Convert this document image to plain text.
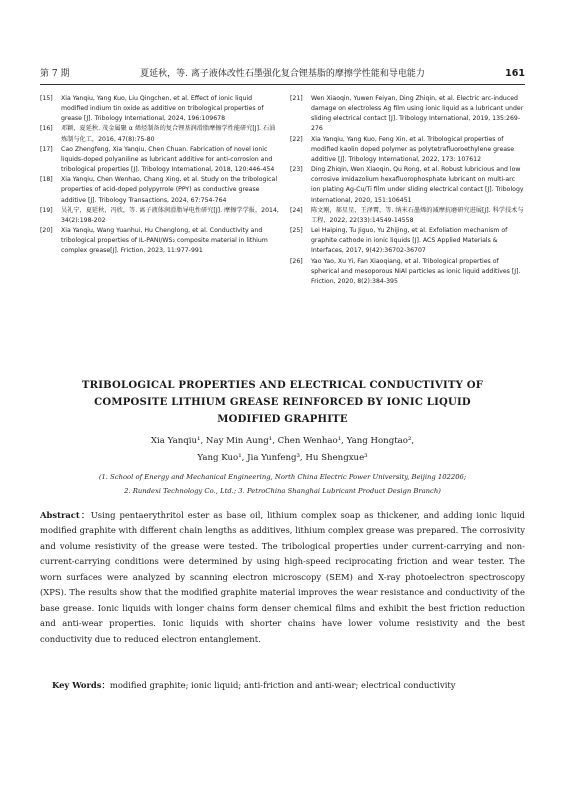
第 7 期	夏延秋，等. 离子液体改性石墨强化复合锂基脂的摩擦学性能和导电能力	161
[15] Xia Yanqiu, Yang Kuo, Liu Qingchen, et al. Effect of ionic liquid modified indium tin oxide as additive on tribological properties of grease [J]. Tribology International, 2024, 196:109678
[16] 邓颖，夏延秋. 茂金属聚 α 烯烃制备的复合锂基润滑脂摩擦学性能研究[J]. 石油炼制与化工，2016, 47(8):75-80
[17] Cao Zhengfeng, Xia Yanqiu, Chen Chuan. Fabrication of novel ionic liquids-doped polyaniline as lubricant additive for anti-corrosion and tribological properties [J]. Tribology International, 2018, 120:446-454
[18] Xia Yanqiu, Chen Wenhao, Chang Xing, et al. Study on the tribological properties of acid-doped polypyrrole (PPY) as conductive grease additive [J]. Tribology Transactions, 2024, 67:754-764
[19] 吴礼宁，夏延秋，冯欣，等. 离子液体润滑脂导电性研究[J]. 摩擦学学报，2014, 34(2):198-202
[20] Xia Yanqiu, Wang Yuanhui, Hu Chenglong, et al. Conductivity and tribological properties of IL-PANI/WS₂ composite material in lithium complex grease[J]. Friction, 2023, 11:977-991
[21] Wen Xiaoqin, Yuwen Feiyan, Ding Zhiqin, et al. Electric arc-induced damage on electroless Ag film using ionic liquid as a lubricant under sliding electrical contact [J]. Tribology International, 2019, 135:269-276
[22] Xia Yanqiu, Yang Kuo, Feng Xin, et al. Tribological properties of modified kaolin doped polymer as polytetrafluoroethylene grease additive [J]. Tribology International, 2022, 173: 107612
[23] Ding Zhiqin, Wen Xiaoqin, Qu Rong, et al. Robust lubricious and low corrosive imidazolium hexafluorophosphate lubricant on multi-arc ion plating Ag-Cu/Ti film under sliding electrical contact [J]. Tribology International, 2020, 151:106451
[24] 陈文刚，郝星星，王泽霄，等. 纳米石墨烯的减摩抗磨研究进展[J]. 科学技术与工程，2022, 22(33):14549-14558
[25] Lei Haiping, Tu Jiguo, Yu Zhijing, et al. Exfoliation mechanism of graphite cathode in ionic liquids [J]. ACS Applied Materials & Interfaces, 2017, 9(42):36702-36707
[26] Yao Yao, Xu Yi, Fan Xiaoqiang, et al. Tribological properties of spherical and mesoporous NiAl particles as ionic liquid additives [J]. Friction, 2020, 8(2):384-395
TRIBOLOGICAL PROPERTIES AND ELECTRICAL CONDUCTIVITY OF
COMPOSITE LITHIUM GREASE REINFORCED BY IONIC LIQUID
MODIFIED GRAPHITE
Xia Yanqiu¹, Nay Min Aung¹, Chen Wenhao¹, Yang Hongtao²,
Yang Kuo¹, Jia Yunfeng³, Hu Shengxue³
(1. School of Energy and Mechanical Engineering, North China Electric Power University, Beijing 102206;
2. Rundexi Technology Co., Ltd.; 3. PetroChina Shanghai Lubricant Product Design Branch)
Abstract：Using pentaerythritol ester as base oil, lithium complex soap as thickener, and adding ionic liquid modified graphite with different chain lengths as additives, lithium complex grease was prepared. The corrosivity and volume resistivity of the grease were tested. The tribological properties under current-carrying and non-current-carrying conditions were determined by using high-speed reciprocating friction and wear tester. The worn surfaces were analyzed by scanning electron microscopy (SEM) and X-ray photoelectron spectroscopy (XPS). The results show that the modified graphite material improves the wear resistance and conductivity of the base grease. Ionic liquids with longer chains form denser chemical films and exhibit the best friction reduction and anti-wear properties. Ionic liquids with shorter chains have lower volume resistivity and the best conductivity due to reduced electron entanglement.
Key Words：modified graphite; ionic liquid; anti-friction and anti-wear; electrical conductivity
